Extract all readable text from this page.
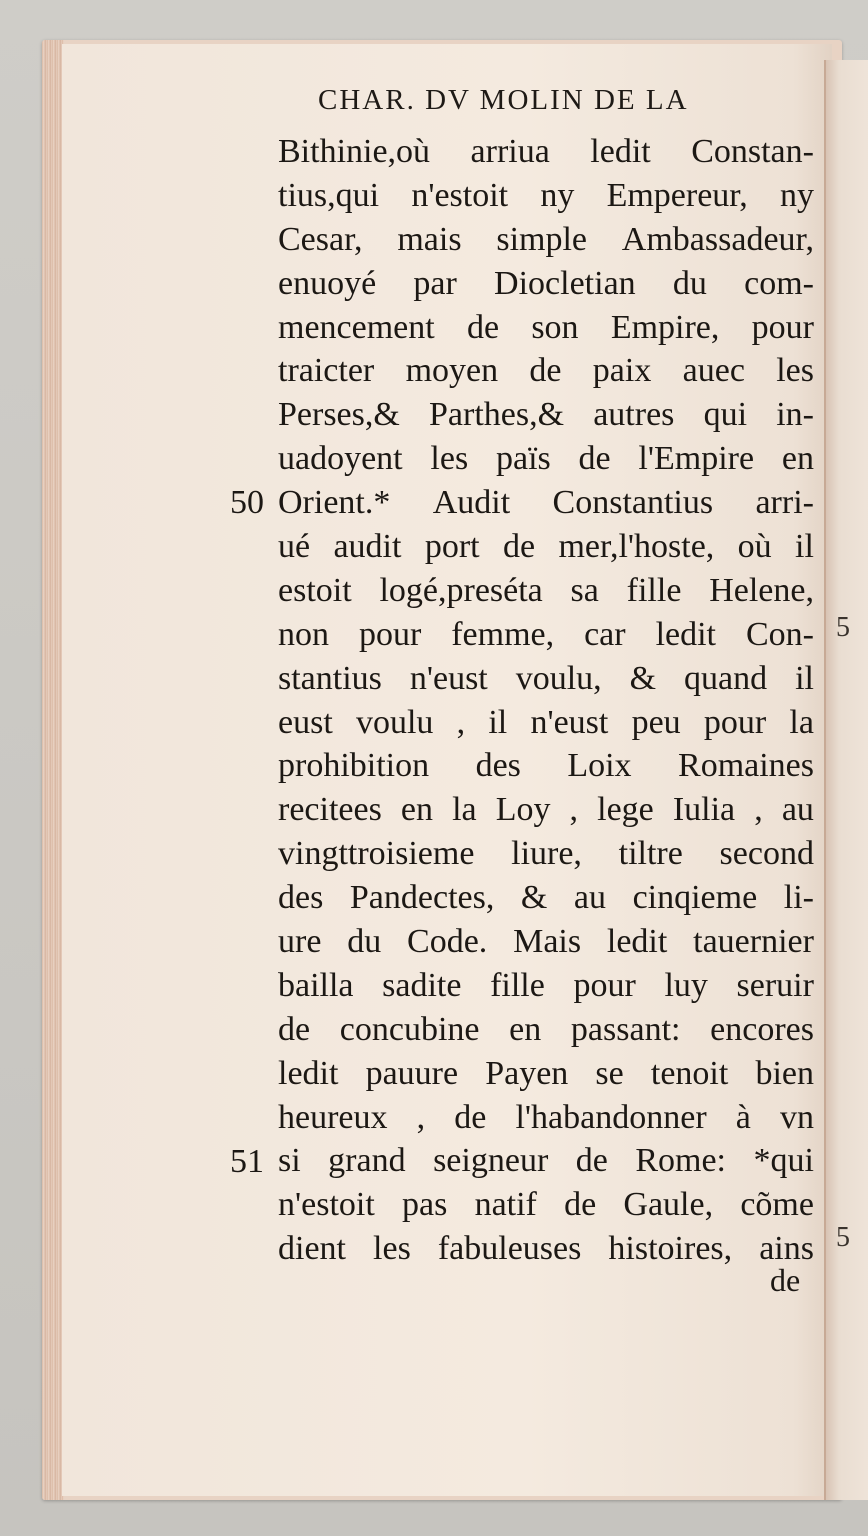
5
5
CHAR. DV MOLIN DE LA
Bithinie,où arriua ledit Constan-
tius,qui n'estoit ny Empereur, ny
Cesar, mais simple Ambassadeur,
enuoyé par Diocletian du com-
mencement de son Empire, pour
traicter moyen de paix auec les
Perses,& Parthes,& autres qui in-
uadoyent les païs de l'Empire en
Orient.* Audit Constantius arri-
ué audit port de mer,l'hoste, où il
estoit logé,preséta sa fille Helene,
non pour femme, car ledit Con-
stantius n'eust voulu, & quand il
eust voulu , il n'eust peu pour la
prohibition des Loix Romaines
recitees en la Loy , lege Iulia , au
vingttroisieme liure, tiltre second
des Pandectes, & au cinqieme li-
ure du Code. Mais ledit tauernier
bailla sadite fille pour luy seruir
de concubine en passant: encores
ledit pauure Payen se tenoit bien
heureux , de l'habandonner à vn
si grand seigneur de Rome: *qui
n'estoit pas natif de Gaule, cõme
dient les fabuleuses histoires, ains
50
51
de
